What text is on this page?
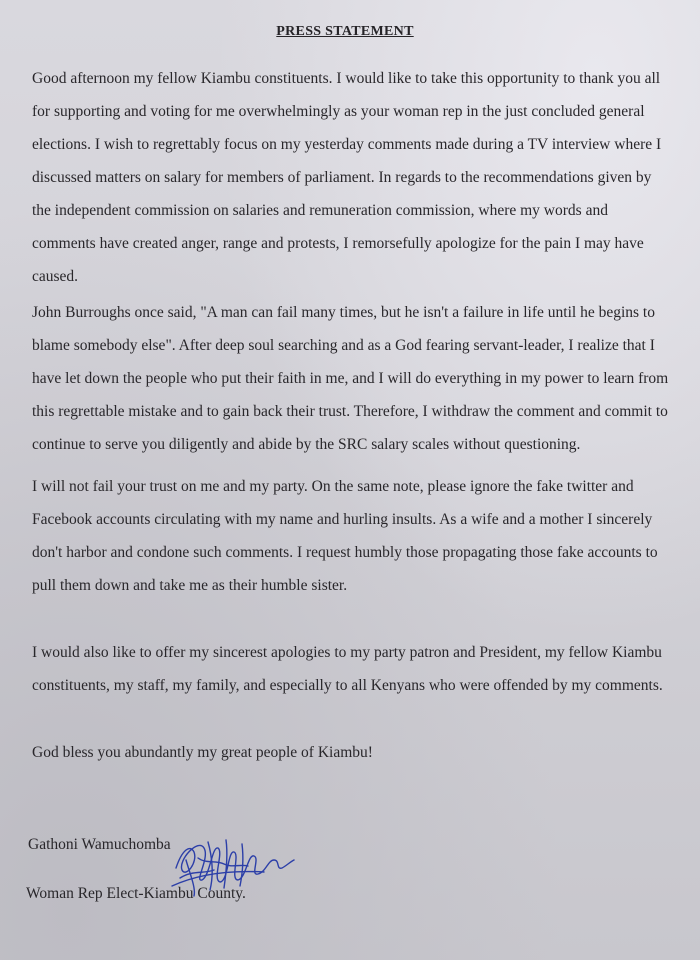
PRESS STATEMENT
Good afternoon my fellow Kiambu constituents. I would like to take this opportunity to thank you all
for supporting and voting for me overwhelmingly as your woman rep in the just concluded general
elections. I wish to regrettably focus on my yesterday comments made during a TV interview where I
discussed matters on salary for members of parliament. In regards to the recommendations given by
the independent commission on salaries and remuneration commission, where my words and
comments have created anger, range and protests, I remorsefully apologize for the pain I may have
caused.
John Burroughs once said, "A man can fail many times, but he isn't a failure in life until he begins to
blame somebody else". After deep soul searching and as a God fearing servant-leader, I realize that I
have let down the people who put their faith in me, and I will do everything in my power to learn from
this regrettable mistake and to gain back their trust. Therefore, I withdraw the comment and commit to
continue to serve you diligently and abide by the SRC salary scales without questioning.
I will not fail your trust on me and my party. On the same note, please ignore the fake twitter and
Facebook accounts circulating with my name and hurling insults. As a wife and a mother I sincerely
don't harbor and condone such comments. I request humbly those propagating those fake accounts to
pull them down and take me as their humble sister.
I would also like to offer my sincerest apologies to my party patron and President, my fellow Kiambu
constituents, my staff, my family, and especially to all Kenyans who were offended by my comments.
God bless you abundantly my great people of Kiambu!
Gathoni Wamuchomba
Woman Rep Elect-Kiambu County.
